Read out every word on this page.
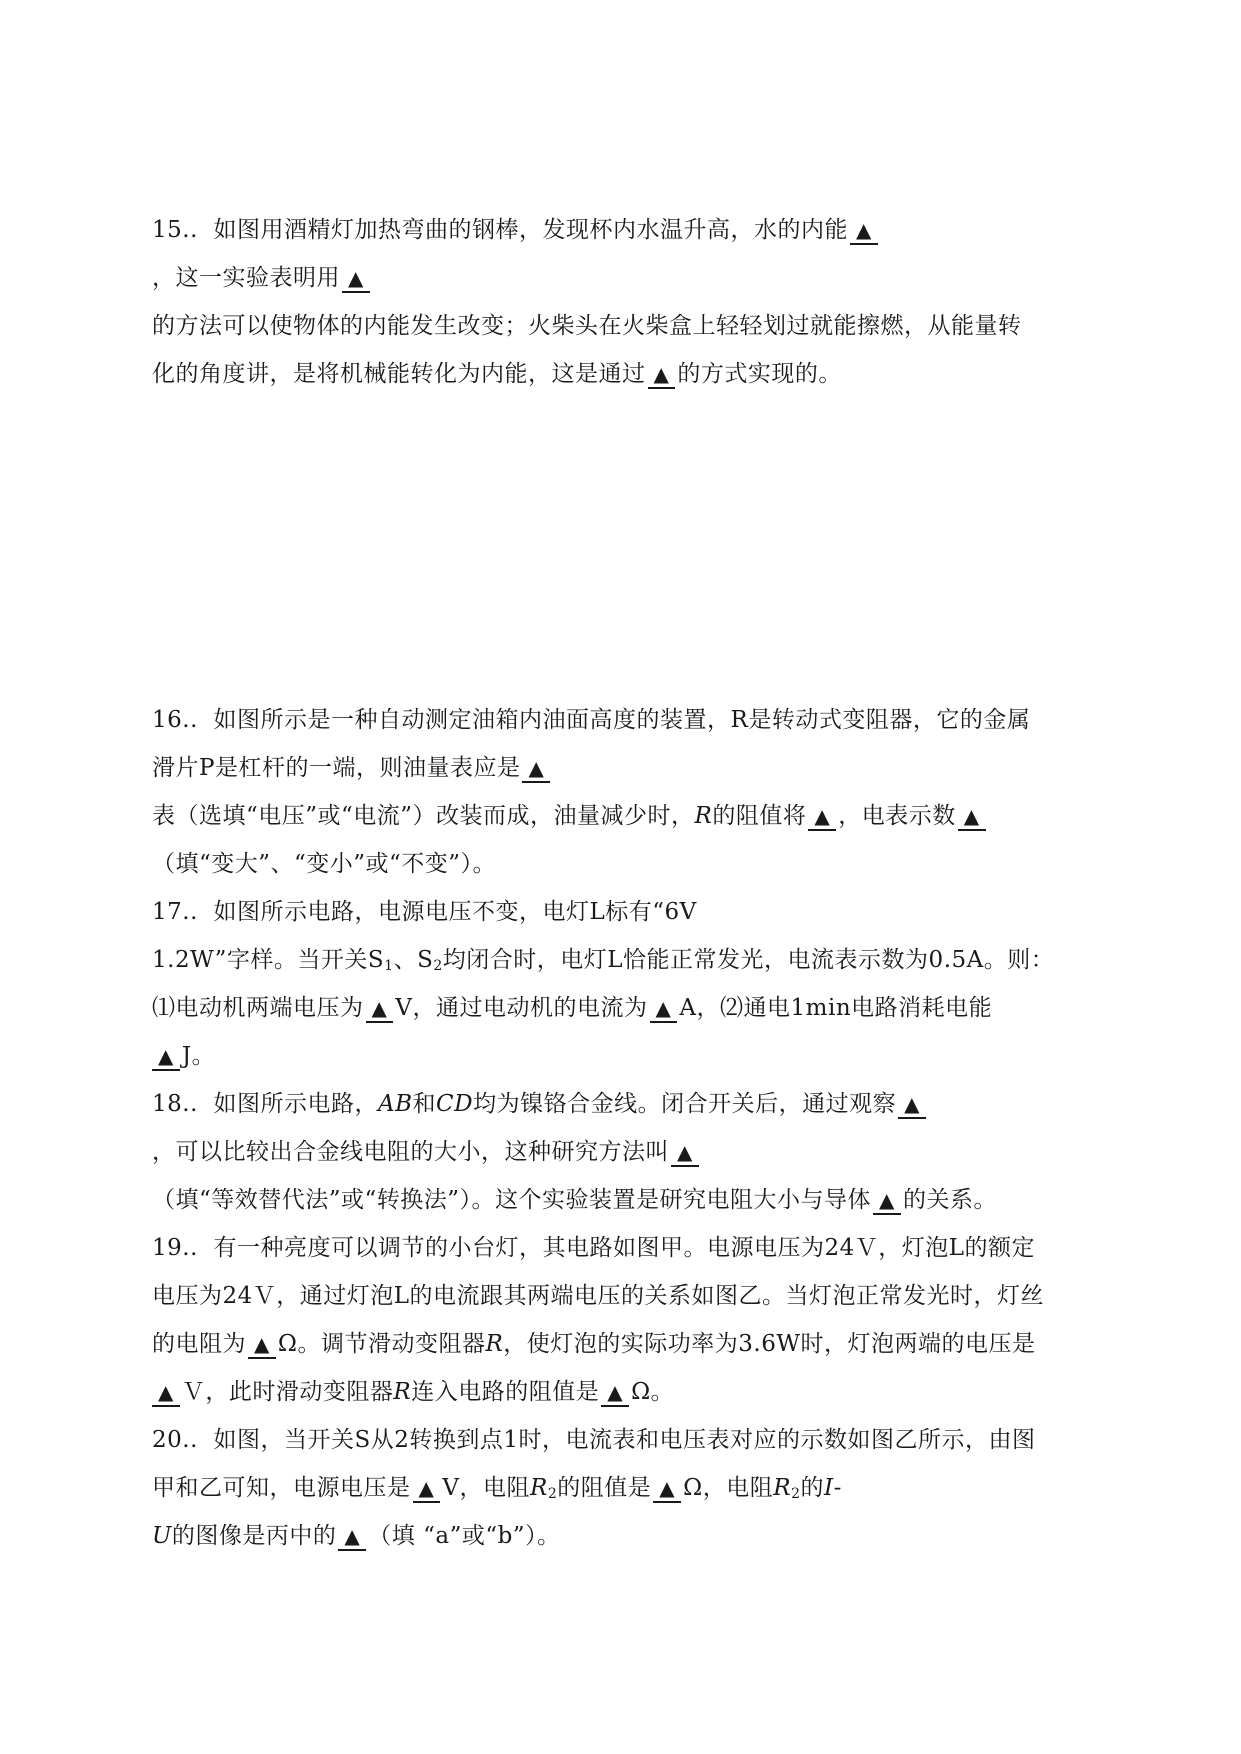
15.. 如图用酒精灯加热弯曲的钢棒，发现杯内水温升高，水的内能 ▲
，这一实验表明用 ▲
的方法可以使物体的内能发生改变；火柴头在火柴盒上轻轻划过就能擦燃，从能量转
化的角度讲，是将机械能转化为内能，这是通过 ▲ 的方式实现的。
16.. 如图所示是一种自动测定油箱内油面高度的装置，R是转动式变阻器，它的金属
滑片P是杠杆的一端，则油量表应是 ▲
表（选填“电压”或“电流”）改装而成，油量减少时，R的阻值将 ▲ ，电表示数 ▲
（填“变大”、“变小”或“不变”）。
17.. 如图所示电路，电源电压不变，电灯L标有“6V
1.2W”字样。当开关$S_1$、$S_2$均闭合时，电灯L恰能正常发光，电流表示数为0.5A。则：
⑴电动机两端电压为 ▲ V，通过电动机的电流为 ▲ A，⑵通电1min电路消耗电能
▲ J。
18.. 如图所示电路，AB和CD均为镍铬合金线。闭合开关后，通过观察 ▲
，可以比较出合金线电阻的大小，这种研究方法叫 ▲
（填“等效替代法”或“转换法”）。这个实验装置是研究电阻大小与导体 ▲ 的关系。
19.. 有一种亮度可以调节的小台灯，其电路如图甲。电源电压为24Ｖ，灯泡L的额定
电压为24Ｖ，通过灯泡L的电流跟其两端电压的关系如图乙。当灯泡正常发光时，灯丝
的电阻为 ▲ Ω。调节滑动变阻器R，使灯泡的实际功率为3.6W时，灯泡两端的电压是
▲ Ｖ，此时滑动变阻器R连入电路的阻值是 ▲ Ω。
20.. 如图，当开关S从2转换到点1时，电流表和电压表对应的示数如图乙所示，由图
甲和乙可知，电源电压是 ▲ V，电阻$R_2$的阻值是 ▲ Ω，电阻$R_2$的I-
U的图像是丙中的 ▲ （填 “a”或“b”）。
